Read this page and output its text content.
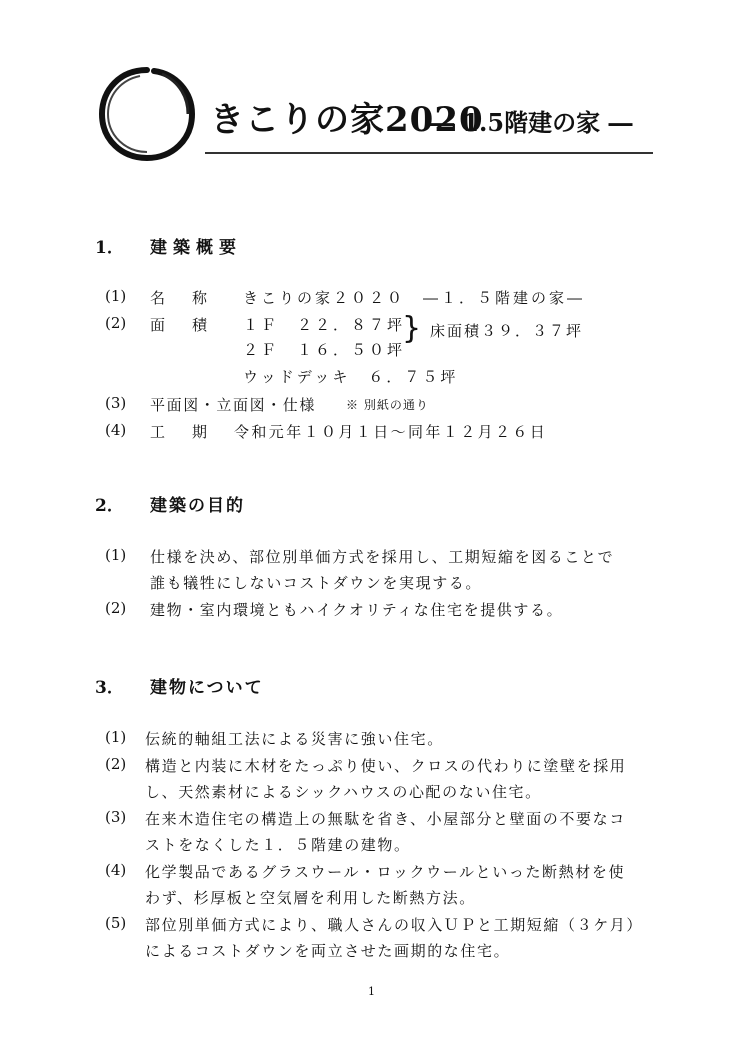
きこりの家2020
― 1.5階建の家 ―
1． 建築概要
(1) 名　称 きこりの家２０２０　―１．５階建の家―
(2) 面　積 １Ｆ　２２．８７坪
２Ｆ　１６．５０坪
} 床面積３９．３７坪
ウッドデッキ　６．７５坪
(3) 平面図・立面図・仕様 ※ 別紙の通り
(4) 工　期 令和元年１０月１日～同年１２月２６日
2． 建築の目的
(1) 仕様を決め、部位別単価方式を採用し、工期短縮を図ることで
誰も犠牲にしないコストダウンを実現する。
(2) 建物・室内環境ともハイクオリティな住宅を提供する。
3． 建物について
(1) 伝統的軸組工法による災害に強い住宅。
(2) 構造と内装に木材をたっぷり使い、クロスの代わりに塗壁を採用
し、天然素材によるシックハウスの心配のない住宅。
(3) 在来木造住宅の構造上の無駄を省き、小屋部分と壁面の不要なコ
ストをなくした１．５階建の建物。
(4) 化学製品であるグラスウール・ロックウールといった断熱材を使
わず、杉厚板と空気層を利用した断熱方法。
(5) 部位別単価方式により、職人さんの収入ＵＰと工期短縮（３ケ月）
によるコストダウンを両立させた画期的な住宅。
1
